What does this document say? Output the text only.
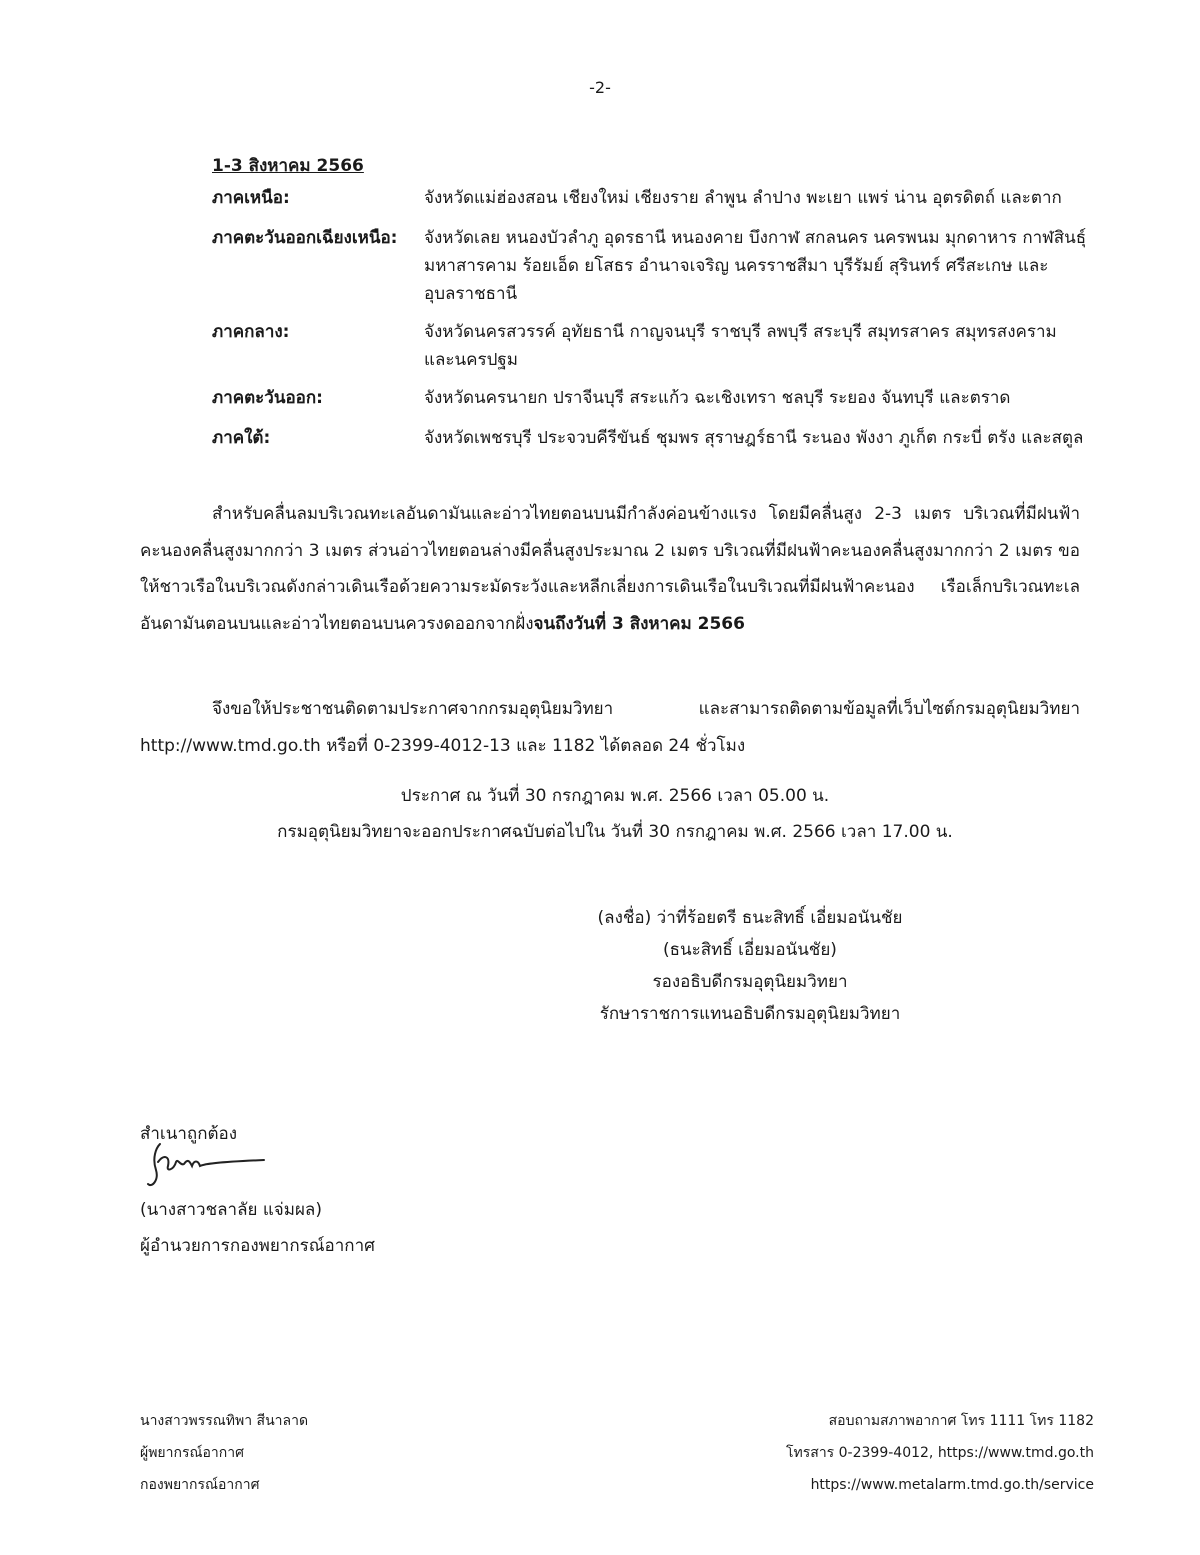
-2-
1-3 สิงหาคม 2566
ภาคเหนือ:	จังหวัดแม่ฮ่องสอน เชียงใหม่ เชียงราย ลำพูน ลำปาง พะเยา แพร่ น่าน อุตรดิตถ์ และตาก
ภาคตะวันออกเฉียงเหนือ:	จังหวัดเลย หนองบัวลำภู อุดรธานี หนองคาย บึงกาฬ สกลนคร นครพนม มุกดาหาร กาฬสินธุ์ มหาสารคาม ร้อยเอ็ด ยโสธร อำนาจเจริญ นครราชสีมา บุรีรัมย์ สุรินทร์ ศรีสะเกษ และอุบลราชธานี
ภาคกลาง:	จังหวัดนครสวรรค์ อุทัยธานี กาญจนบุรี ราชบุรี ลพบุรี สระบุรี สมุทรสาคร สมุทรสงคราม และนครปฐม
ภาคตะวันออก:	จังหวัดนครนายก ปราจีนบุรี สระแก้ว ฉะเชิงเทรา ชลบุรี ระยอง จันทบุรี และตราด
ภาคใต้:	จังหวัดเพชรบุรี ประจวบคีรีขันธ์ ชุมพร สุราษฎร์ธานี ระนอง พังงา ภูเก็ต กระบี่ ตรัง และสตูล
สำหรับคลื่นลมบริเวณทะเลอันดามันและอ่าวไทยตอนบนมีกำลังค่อนข้างแรง โดยมีคลื่นสูง 2-3 เมตร บริเวณที่มีฝนฟ้าคะนองคลื่นสูงมากกว่า 3 เมตร ส่วนอ่าวไทยตอนล่างมีคลื่นสูงประมาณ 2 เมตร บริเวณที่มีฝนฟ้าคะนองคลื่นสูงมากกว่า 2 เมตร ขอให้ชาวเรือในบริเวณดังกล่าวเดินเรือด้วยความระมัดระวังและหลีกเลี่ยงการเดินเรือในบริเวณที่มีฝนฟ้าคะนอง เรือเล็กบริเวณทะเลอันดามันตอนบนและอ่าวไทยตอนบนควรงดออกจากฝั่งจนถึงวันที่ 3 สิงหาคม 2566
จึงขอให้ประชาชนติดตามประกาศจากกรมอุตุนิยมวิทยา และสามารถติดตามข้อมูลที่เว็บไซต์กรมอุตุนิยมวิทยา http://www.tmd.go.th หรือที่ 0-2399-4012-13 และ 1182 ได้ตลอด 24 ชั่วโมง
ประกาศ ณ วันที่ 30 กรกฎาคม พ.ศ. 2566 เวลา 05.00 น.
กรมอุตุนิยมวิทยาจะออกประกาศฉบับต่อไปใน วันที่ 30 กรกฎาคม พ.ศ. 2566 เวลา 17.00 น.
(ลงชื่อ) ว่าที่ร้อยตรี ธนะสิทธิ์ เอี่ยมอนันชัย
(ธนะสิทธิ์ เอี่ยมอนันชัย)
รองอธิบดีกรมอุตุนิยมวิทยา
รักษาราชการแทนอธิบดีกรมอุตุนิยมวิทยา
สำเนาถูกต้อง
(นางสาวชลาลัย แจ่มผล)
ผู้อำนวยการกองพยากรณ์อากาศ
นางสาวพรรณทิพา สีนาลาด
ผู้พยากรณ์อากาศ
กองพยากรณ์อากาศ
สอบถามสภาพอากาศ โทร 1111 โทร 1182
โทรสาร 0-2399-4012, https://www.tmd.go.th
https://www.metalarm.tmd.go.th/service
